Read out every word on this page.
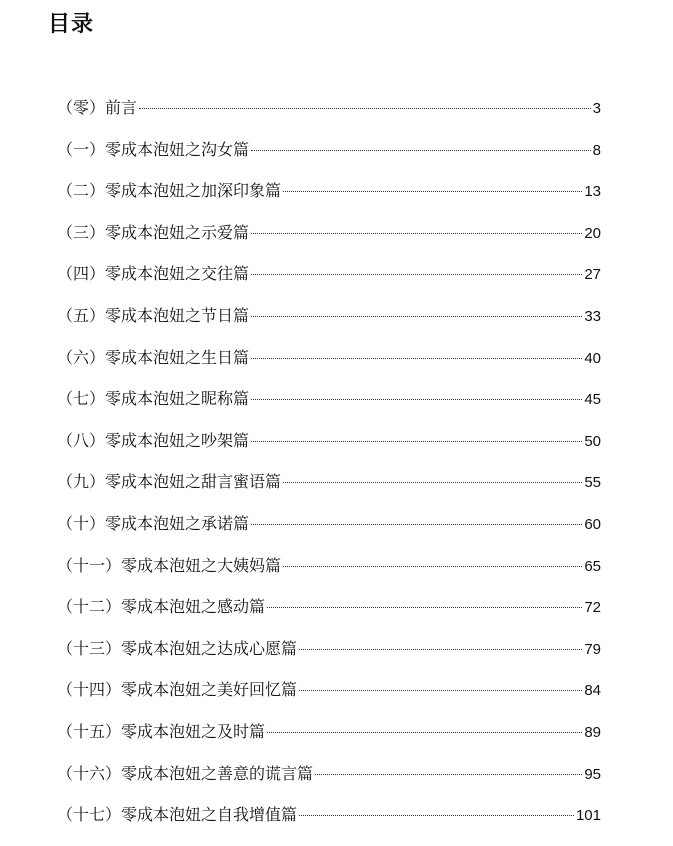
目录
（零）前言	3
（一）零成本泡妞之沟女篇	8
（二）零成本泡妞之加深印象篇	13
（三）零成本泡妞之示爱篇	20
（四）零成本泡妞之交往篇	27
（五）零成本泡妞之节日篇	33
（六）零成本泡妞之生日篇	40
（七）零成本泡妞之昵称篇	45
（八）零成本泡妞之吵架篇	50
（九）零成本泡妞之甜言蜜语篇	55
（十）零成本泡妞之承诺篇	60
（十一）零成本泡妞之大姨妈篇	65
（十二）零成本泡妞之感动篇	72
（十三）零成本泡妞之达成心愿篇	79
（十四）零成本泡妞之美好回忆篇	84
（十五）零成本泡妞之及时篇	89
（十六）零成本泡妞之善意的谎言篇	95
（十七）零成本泡妞之自我增值篇	101
